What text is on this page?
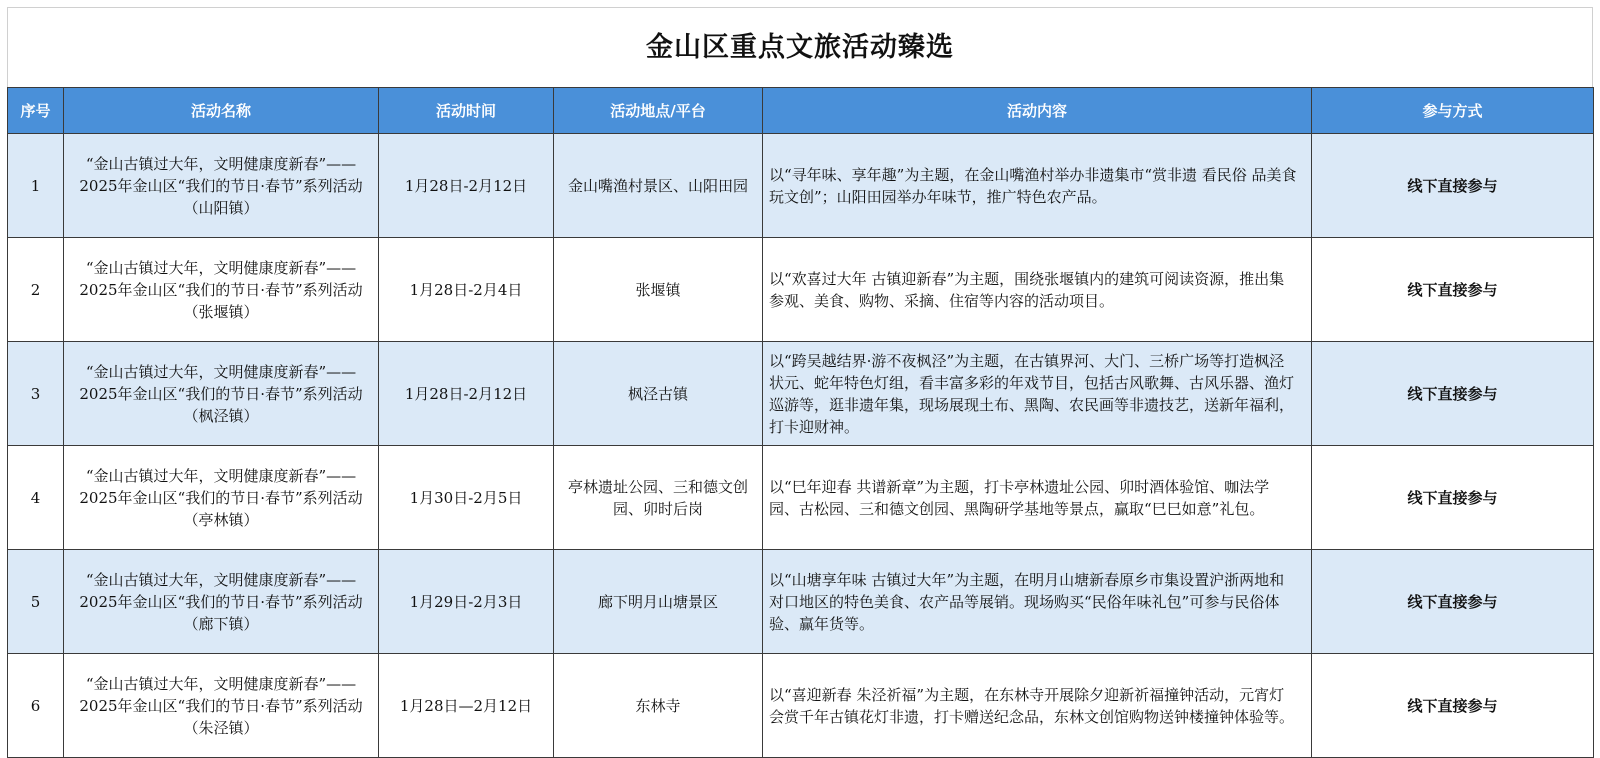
金山区重点文旅活动臻选
序号	活动名称	活动时间	活动地点/平台	活动内容	参与方式
1	“金山古镇过大年，文明健康度新春”——2025年金山区“我们的节日·春节”系列活动（山阳镇）	1月28日-2月12日	金山嘴渔村景区、山阳田园	以“寻年味、享年趣”为主题，在金山嘴渔村举办非遗集市“赏非遗 看民俗 品美食 玩文创”；山阳田园举办年味节，推广特色农产品。	线下直接参与
2	“金山古镇过大年，文明健康度新春”——2025年金山区“我们的节日·春节”系列活动（张堰镇）	1月28日-2月4日	张堰镇	以“欢喜过大年 古镇迎新春”为主题，围绕张堰镇内的建筑可阅读资源，推出集参观、美食、购物、采摘、住宿等内容的活动项目。	线下直接参与
3	“金山古镇过大年，文明健康度新春”——2025年金山区“我们的节日·春节”系列活动（枫泾镇）	1月28日-2月12日	枫泾古镇	以“跨吴越结界·游不夜枫泾”为主题，在古镇界河、大门、三桥广场等打造枫泾状元、蛇年特色灯组，看丰富多彩的年戏节目，包括古风歌舞、古风乐器、渔灯巡游等，逛非遗年集，现场展现土布、黑陶、农民画等非遗技艺，送新年福利，打卡迎财神。	线下直接参与
4	“金山古镇过大年，文明健康度新春”——2025年金山区“我们的节日·春节”系列活动（亭林镇）	1月30日-2月5日	亭林遗址公园、三和德文创园、卯时后岗	以“巳年迎春 共谱新章”为主题，打卡亭林遗址公园、卯时酒体验馆、咖法学园、古松园、三和德文创园、黑陶研学基地等景点，赢取“巳巳如意”礼包。	线下直接参与
5	“金山古镇过大年，文明健康度新春”——2025年金山区“我们的节日·春节”系列活动（廊下镇）	1月29日-2月3日	廊下明月山塘景区	以“山塘享年味 古镇过大年”为主题，在明月山塘新春原乡市集设置沪浙两地和对口地区的特色美食、农产品等展销。现场购买“民俗年味礼包”可参与民俗体验、赢年货等。	线下直接参与
6	“金山古镇过大年，文明健康度新春”——2025年金山区“我们的节日·春节”系列活动（朱泾镇）	1月28日—2月12日	东林寺	以“喜迎新春 朱泾祈福”为主题，在东林寺开展除夕迎新祈福撞钟活动，元宵灯会赏千年古镇花灯非遗，打卡赠送纪念品，东林文创馆购物送钟楼撞钟体验等。	线下直接参与
